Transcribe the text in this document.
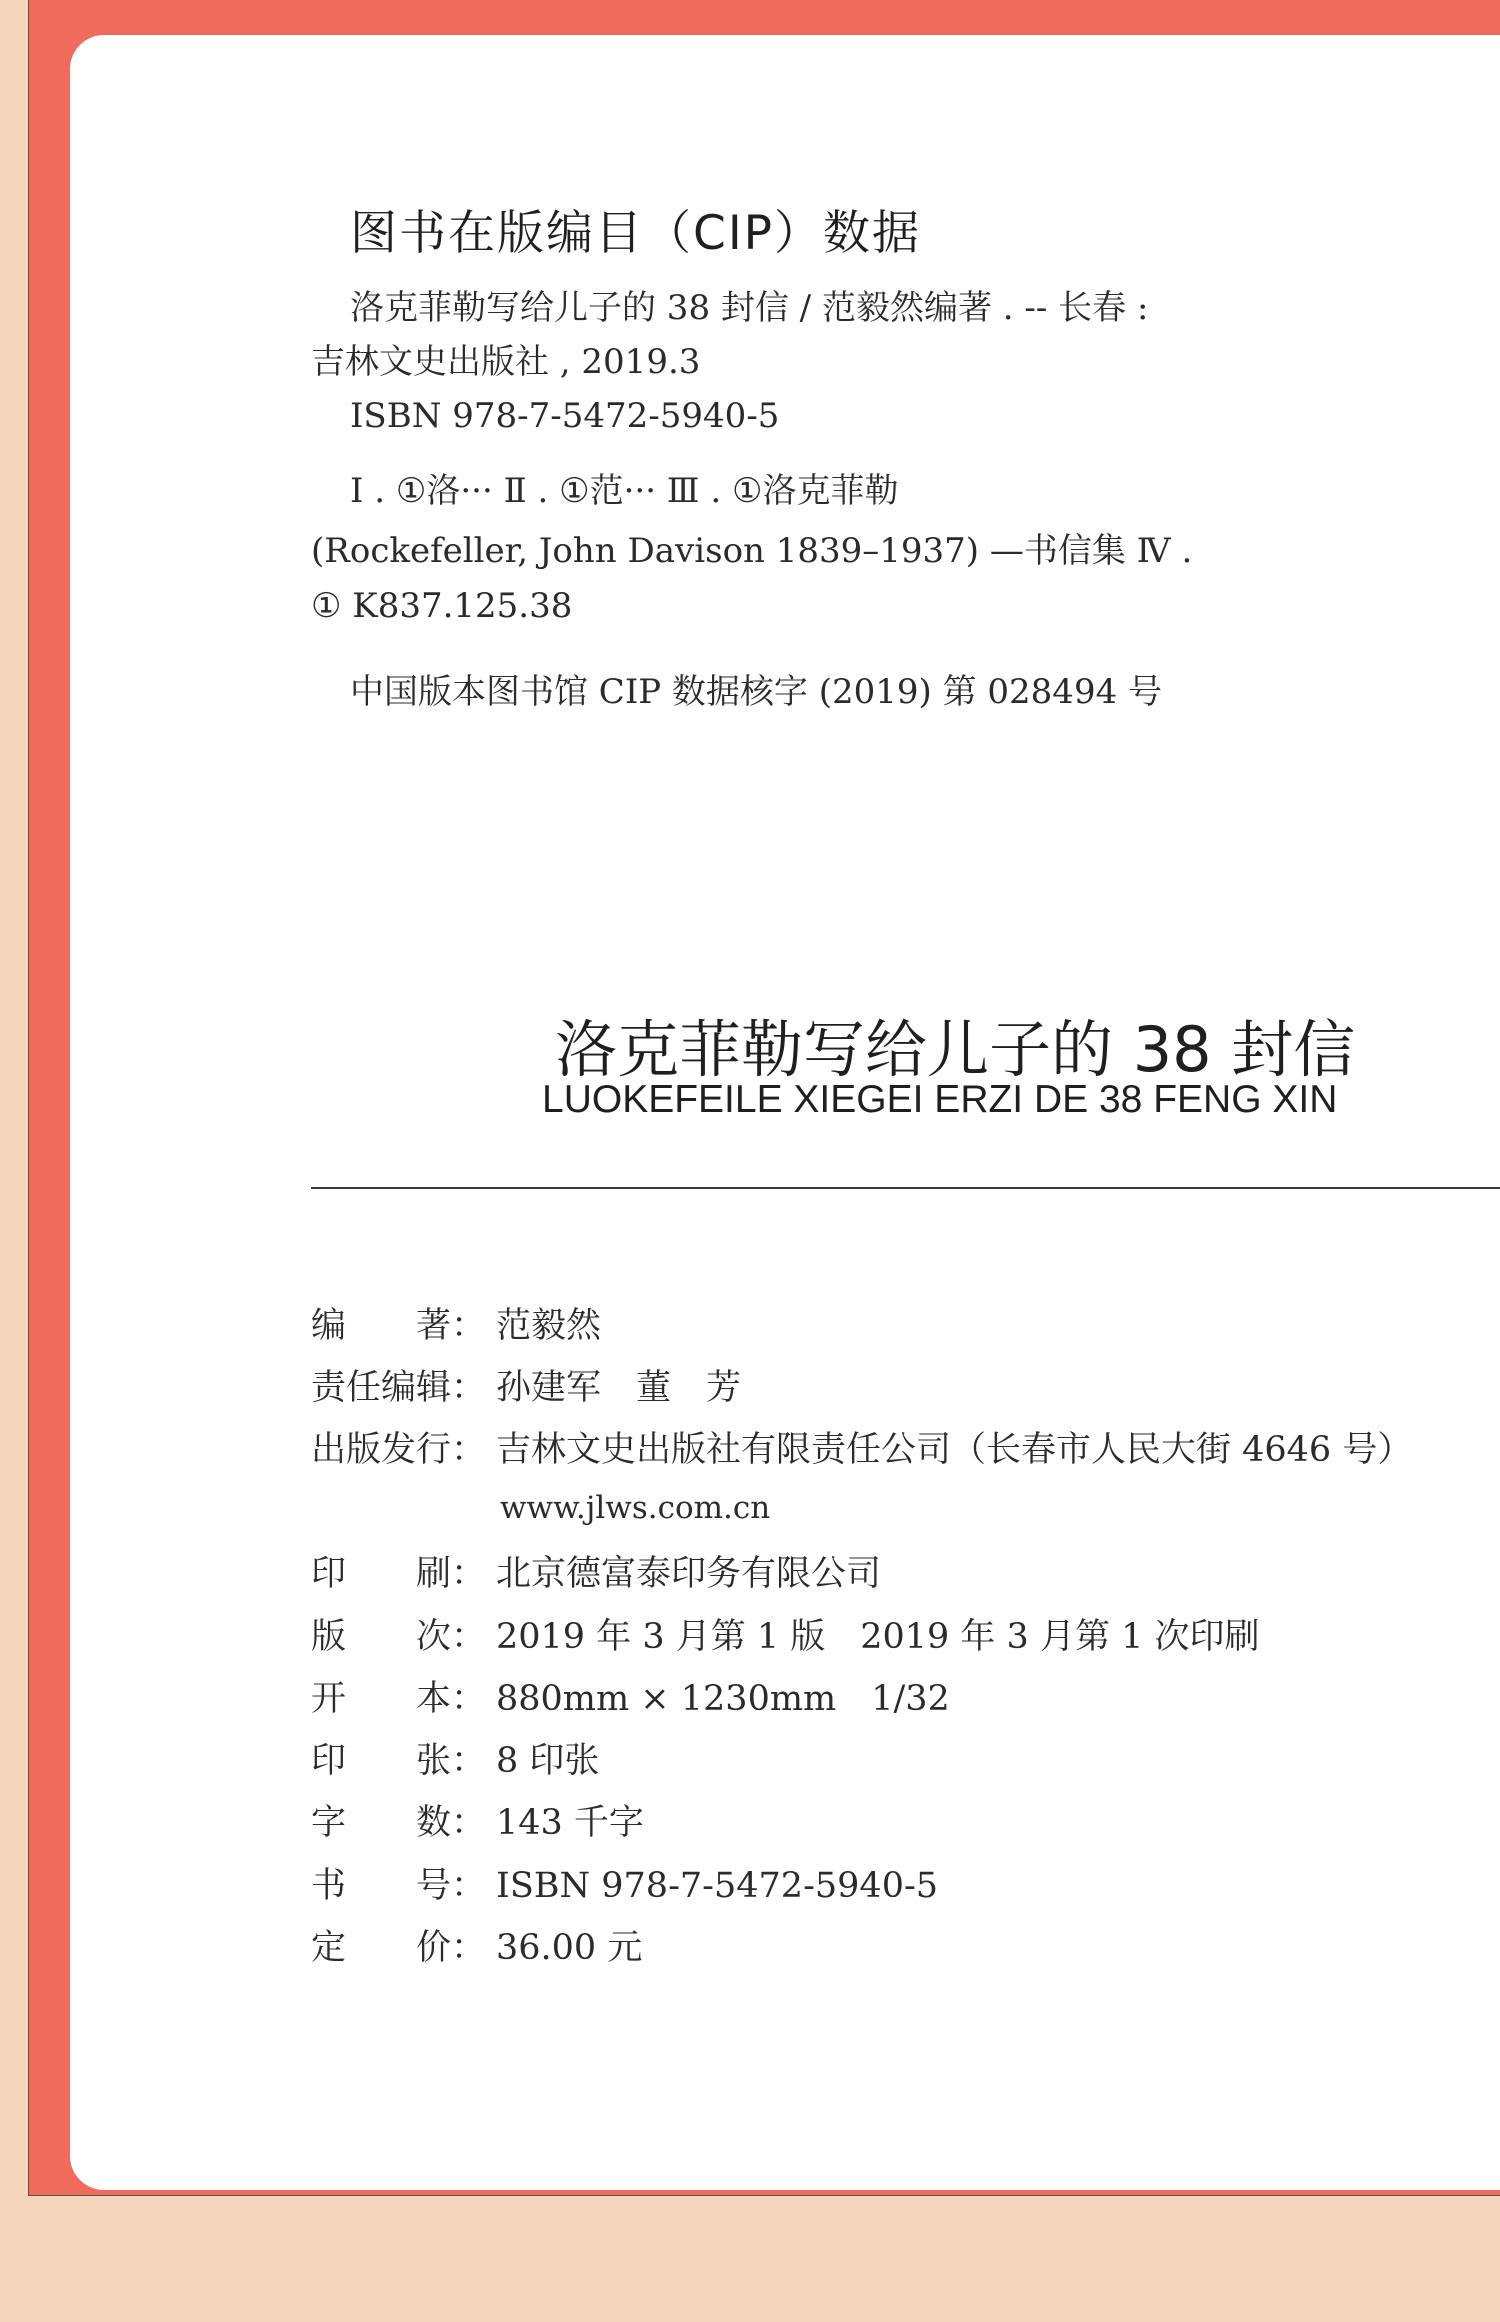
图书在版编目（CIP）数据
洛克菲勒写给儿子的 38 封信 / 范毅然编著 . -- 长春 :
吉林文史出版社 , 2019.3
ISBN 978-7-5472-5940-5
Ⅰ . ①洛··· Ⅱ . ①范··· Ⅲ . ①洛克菲勒
(Rockefeller, John Davison 1839–1937) —书信集 Ⅳ .
① K837.125.38
中国版本图书馆 CIP 数据核字 (2019) 第 028494 号
洛克菲勒写给儿子的 38 封信
LUOKEFEILE XIEGEI ERZI DE 38 FENG XIN
编　　著： 范毅然
责任编辑： 孙建军　董　芳
出版发行： 吉林文史出版社有限责任公司（长春市人民大街 4646 号）
www.jlws.com.cn
印　　刷： 北京德富泰印务有限公司
版　　次： 2019 年 3 月第 1 版　2019 年 3 月第 1 次印刷
开　　本： 880mm × 1230mm　1/32
印　　张： 8 印张
字　　数： 143 千字
书　　号： ISBN 978-7-5472-5940-5
定　　价： 36.00 元
